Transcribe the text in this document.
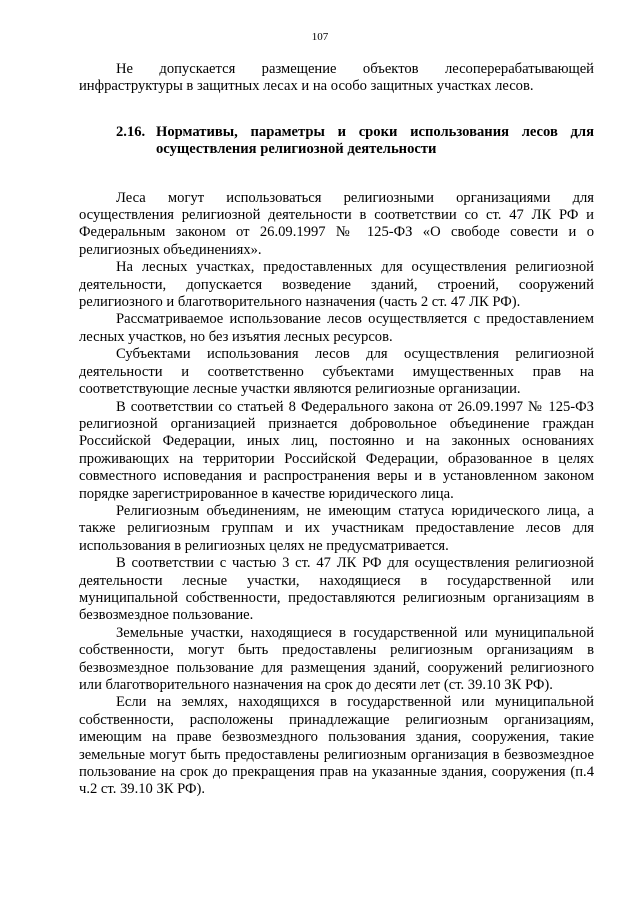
107

Не допускается размещение объектов лесоперерабатывающей инфраструктуры в защитных лесах и на особо защитных участках лесов.

2.16. Нормативы, параметры и сроки использования лесов для осуществления религиозной деятельности

Леса могут использоваться религиозными организациями для осуществления религиозной деятельности в соответствии со ст. 47 ЛК РФ и Федеральным законом от 26.09.1997 № 125-ФЗ «О свободе совести и о религиозных объединениях».

На лесных участках, предоставленных для осуществления религиозной деятельности, допускается возведение зданий, строений, сооружений религиозного и благотворительного назначения (часть 2 ст. 47 ЛК РФ).

Рассматриваемое использование лесов осуществляется с предоставлением лесных участков, но без изъятия лесных ресурсов.

Субъектами использования лесов для осуществления религиозной деятельности и соответственно субъектами имущественных прав на соответствующие лесные участки являются религиозные организации.

В соответствии со статьей 8 Федерального закона от 26.09.1997 № 125-ФЗ религиозной организацией признается добровольное объединение граждан Российской Федерации, иных лиц, постоянно и на законных основаниях проживающих на территории Российской Федерации, образованное в целях совместного исповедания и распространения веры и в установленном законом порядке зарегистрированное в качестве юридического лица.

Религиозным объединениям, не имеющим статуса юридического лица, а также религиозным группам и их участникам предоставление лесов для использования в религиозных целях не предусматривается.

В соответствии с частью 3 ст. 47 ЛК РФ для осуществления религиозной деятельности лесные участки, находящиеся в государственной или муниципальной собственности, предоставляются религиозным организациям в безвозмездное пользование.

Земельные участки, находящиеся в государственной или муниципальной собственности, могут быть предоставлены религиозным организациям в безвозмездное пользование для размещения зданий, сооружений религиозного или благотворительного назначения на срок до десяти лет (ст. 39.10 ЗК РФ).

Если на землях, находящихся в государственной или муниципальной собственности, расположены принадлежащие религиозным организациям, имеющим на праве безвозмездного пользования здания, сооружения, такие земельные могут быть предоставлены религиозным организация в безвозмездное пользование на срок до прекращения прав на указанные здания, сооружения (п.4 ч.2 ст. 39.10 ЗК РФ).
